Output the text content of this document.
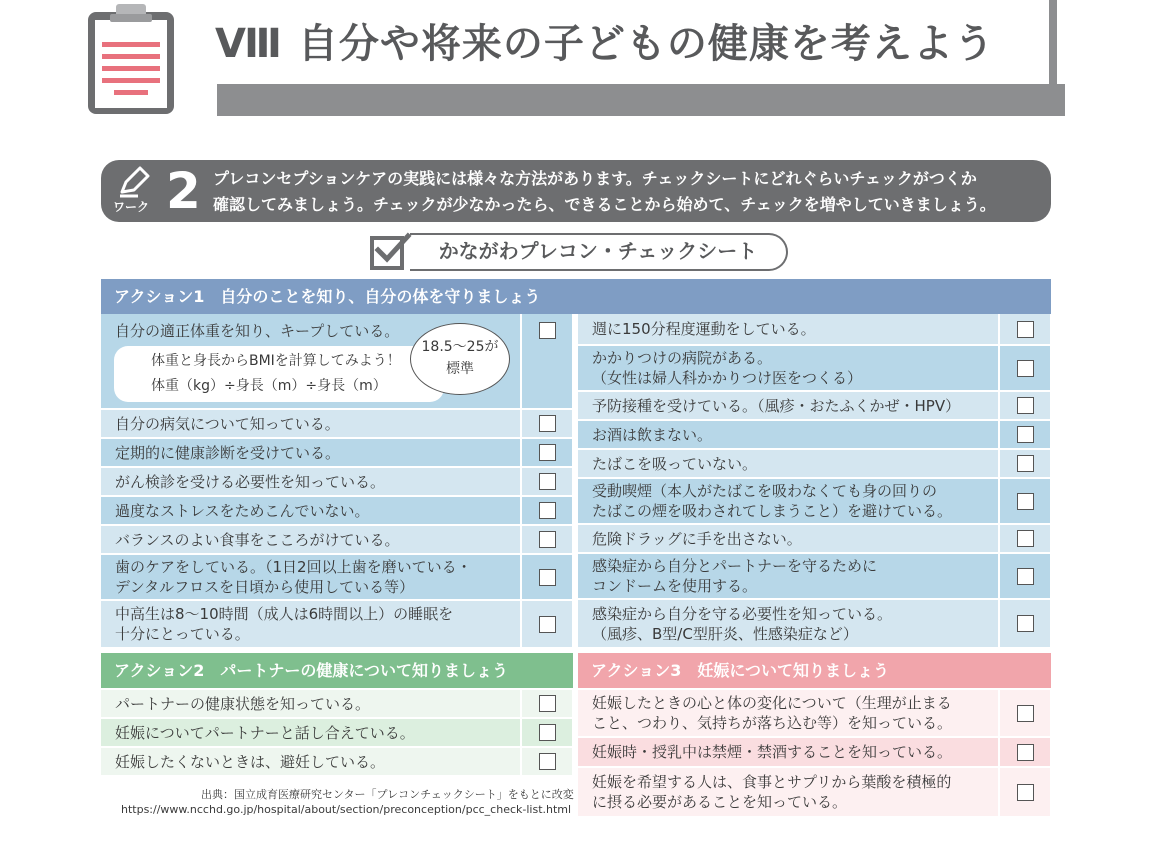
Ⅷ 自分や将来の子どもの健康を考えよう
ワーク 2 プレコンセプションケアの実践には様々な方法があります。チェックシートにどれぐらいチェックがつくか
確認してみましょう。チェックが少なかったら、できることから始めて、チェックを増やしていきましょう。
かながわプレコン・チェックシート
アクション1　自分のことを知り、自分の体を守りましょう
自分の適正体重を知り、キープしている。
体重と身長からBMIを計算してみよう！
体重（kg）÷身長（m）÷身長（m）
18.5〜25が
標準
自分の病気について知っている。
定期的に健康診断を受けている。
がん検診を受ける必要性を知っている。
過度なストレスをためこんでいない。
バランスのよい食事をこころがけている。
歯のケアをしている。（1日2回以上歯を磨いている・
デンタルフロスを日頃から使用している等）
中高生は8〜10時間（成人は6時間以上）の睡眠を
十分にとっている。
週に150分程度運動をしている。
かかりつけの病院がある。
（女性は婦人科かかりつけ医をつくる）
予防接種を受けている。（風疹・おたふくかぜ・HPV）
お酒は飲まない。
たばこを吸っていない。
受動喫煙（本人がたばこを吸わなくても身の回りの
たばこの煙を吸わされてしまうこと）を避けている。
危険ドラッグに手を出さない。
感染症から自分とパートナーを守るために
コンドームを使用する。
感染症から自分を守る必要性を知っている。
（風疹、B型/C型肝炎、性感染症など）
パートナーの健康状態を知っている。
妊娠についてパートナーと話し合えている。
妊娠したくないときは、避妊している。
妊娠したときの心と体の変化について（生理が止まる
こと、つわり、気持ちが落ち込む等）を知っている。
妊娠時・授乳中は禁煙・禁酒することを知っている。
妊娠を希望する人は、食事とサプリから葉酸を積極的
に摂る必要があることを知っている。
アクション2　パートナーの健康について知りましょう	アクション3　妊娠について知りましょう
出典：国立成育医療研究センター「プレコンチェックシート」をもとに改変
https://www.ncchd.go.jp/hospital/about/section/preconception/pcc_check-list.html
